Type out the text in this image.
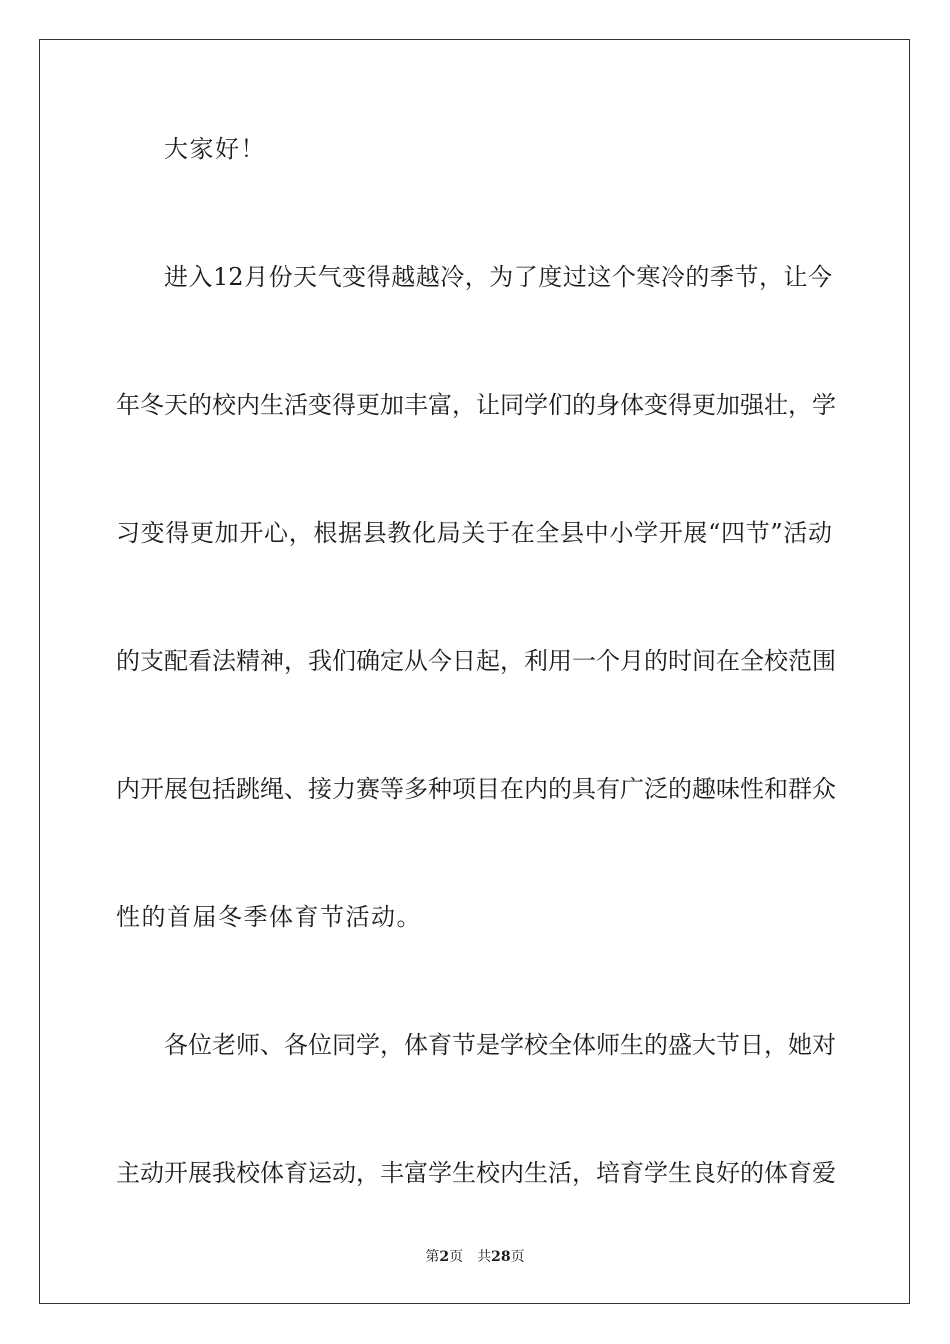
大家好！
进入12月份天气变得越越冷，为了度过这个寒冷的季节，让今
年冬天的校内生活变得更加丰富，让同学们的身体变得更加强壮，学
习变得更加开心，根据县教化局关于在全县中小学开展“四节”活动
的支配看法精神，我们确定从今日起，利用一个月的时间在全校范围
内开展包括跳绳、接力赛等多种项目在内的具有广泛的趣味性和群众
性的首届冬季体育节活动。
各位老师、各位同学，体育节是学校全体师生的盛大节日，她对
主动开展我校体育运动，丰富学生校内生活，培育学生良好的体育爱
第2页 共28页
